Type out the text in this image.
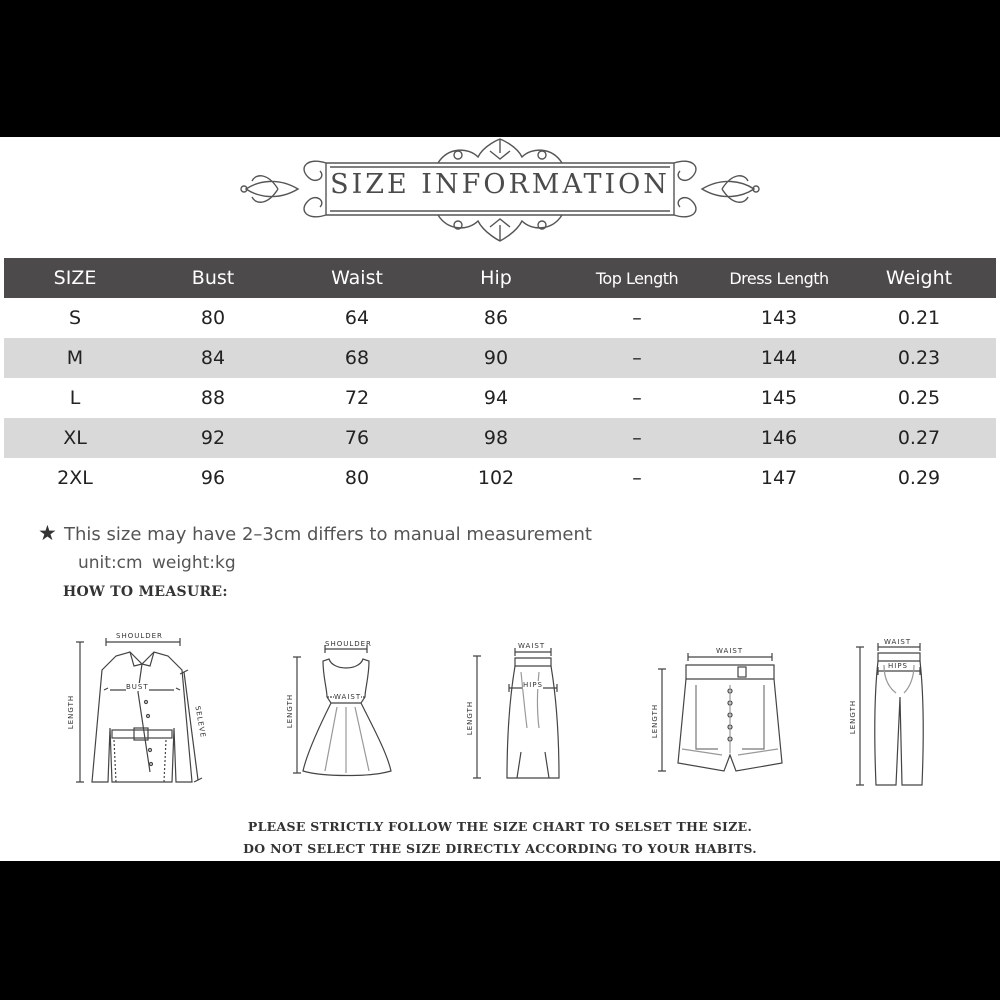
SIZE INFORMATION
SIZE	Bust	Waist	Hip	Top Length	Dress Length	Weight
S	80	64	86	–	143	0.21
M	84	68	90	–	144	0.23
L	88	72	94	–	145	0.25
XL	92	76	98	–	146	0.27
2XL	96	80	102	–	147	0.29
★ This size may have 2–3cm differs to manual measurement
unit:cm weight:kg
HOW TO MEASURE:
SHOULDER
BUST
LENGTH	SELEVE
SHOULDER
WAIST
LENGTH
WAIST
HIPS
LENGTH
WAIST
LENGTH
WAIST
HIPS
LENGTH
PLEASE STRICTLY FOLLOW THE SIZE CHART TO SELSET THE SIZE.
DO NOT SELECT THE SIZE DIRECTLY ACCORDING TO YOUR HABITS.
